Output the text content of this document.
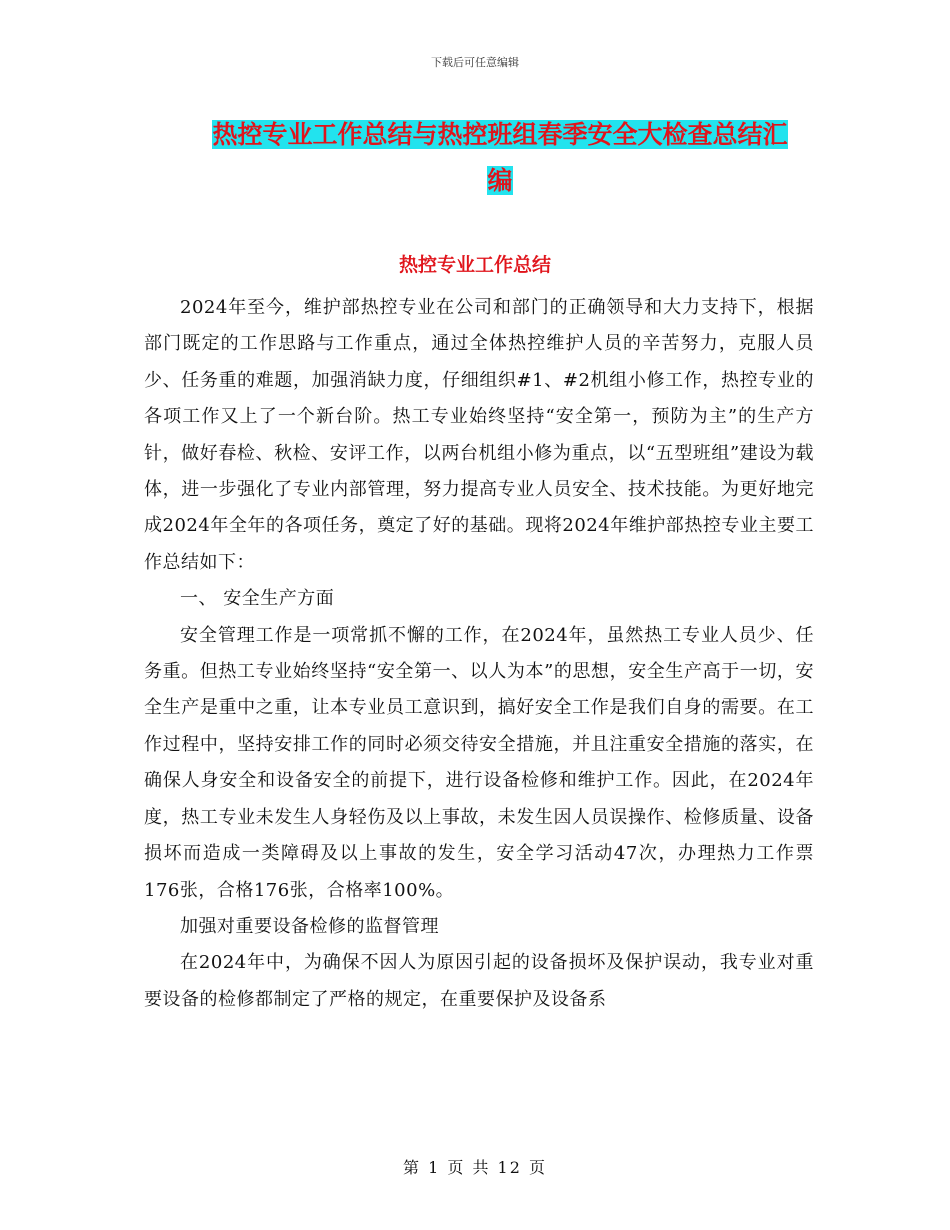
下载后可任意编辑
热控专业工作总结与热控班组春季安全大检查总结汇
编
热控专业工作总结

2024年至今，维护部热控专业在公司和部门的正确领导和大力支持下，根据部门既定的工作思路与工作重点，通过全体热控维护人员的辛苦努力，克服人员少、任务重的难题，加强消缺力度，仔细组织#1、#2机组小修工作，热控专业的各项工作又上了一个新台阶。热工专业始终坚持“安全第一，预防为主”的生产方针，做好春检、秋检、安评工作，以两台机组小修为重点，以“五型班组”建设为载体，进一步强化了专业内部管理，努力提高专业人员安全、技术技能。为更好地完成2024年全年的各项任务，奠定了好的基础。现将2024年维护部热控专业主要工作总结如下：

一、 安全生产方面

安全管理工作是一项常抓不懈的工作，在2024年，虽然热工专业人员少、任务重。但热工专业始终坚持“安全第一、以人为本”的思想，安全生产高于一切，安全生产是重中之重，让本专业员工意识到，搞好安全工作是我们自身的需要。在工作过程中，坚持安排工作的同时必须交待安全措施，并且注重安全措施的落实，在确保人身安全和设备安全的前提下，进行设备检修和维护工作。因此，在2024年度，热工专业未发生人身轻伤及以上事故，未发生因人员误操作、检修质量、设备损坏而造成一类障碍及以上事故的发生，安全学习活动47次，办理热力工作票176张，合格176张，合格率100%。

加强对重要设备检修的监督管理

在2024年中，为确保不因人为原因引起的设备损坏及保护误动，我专业对重要设备的检修都制定了严格的规定，在重要保护及设备系

第 1 页 共 12 页
